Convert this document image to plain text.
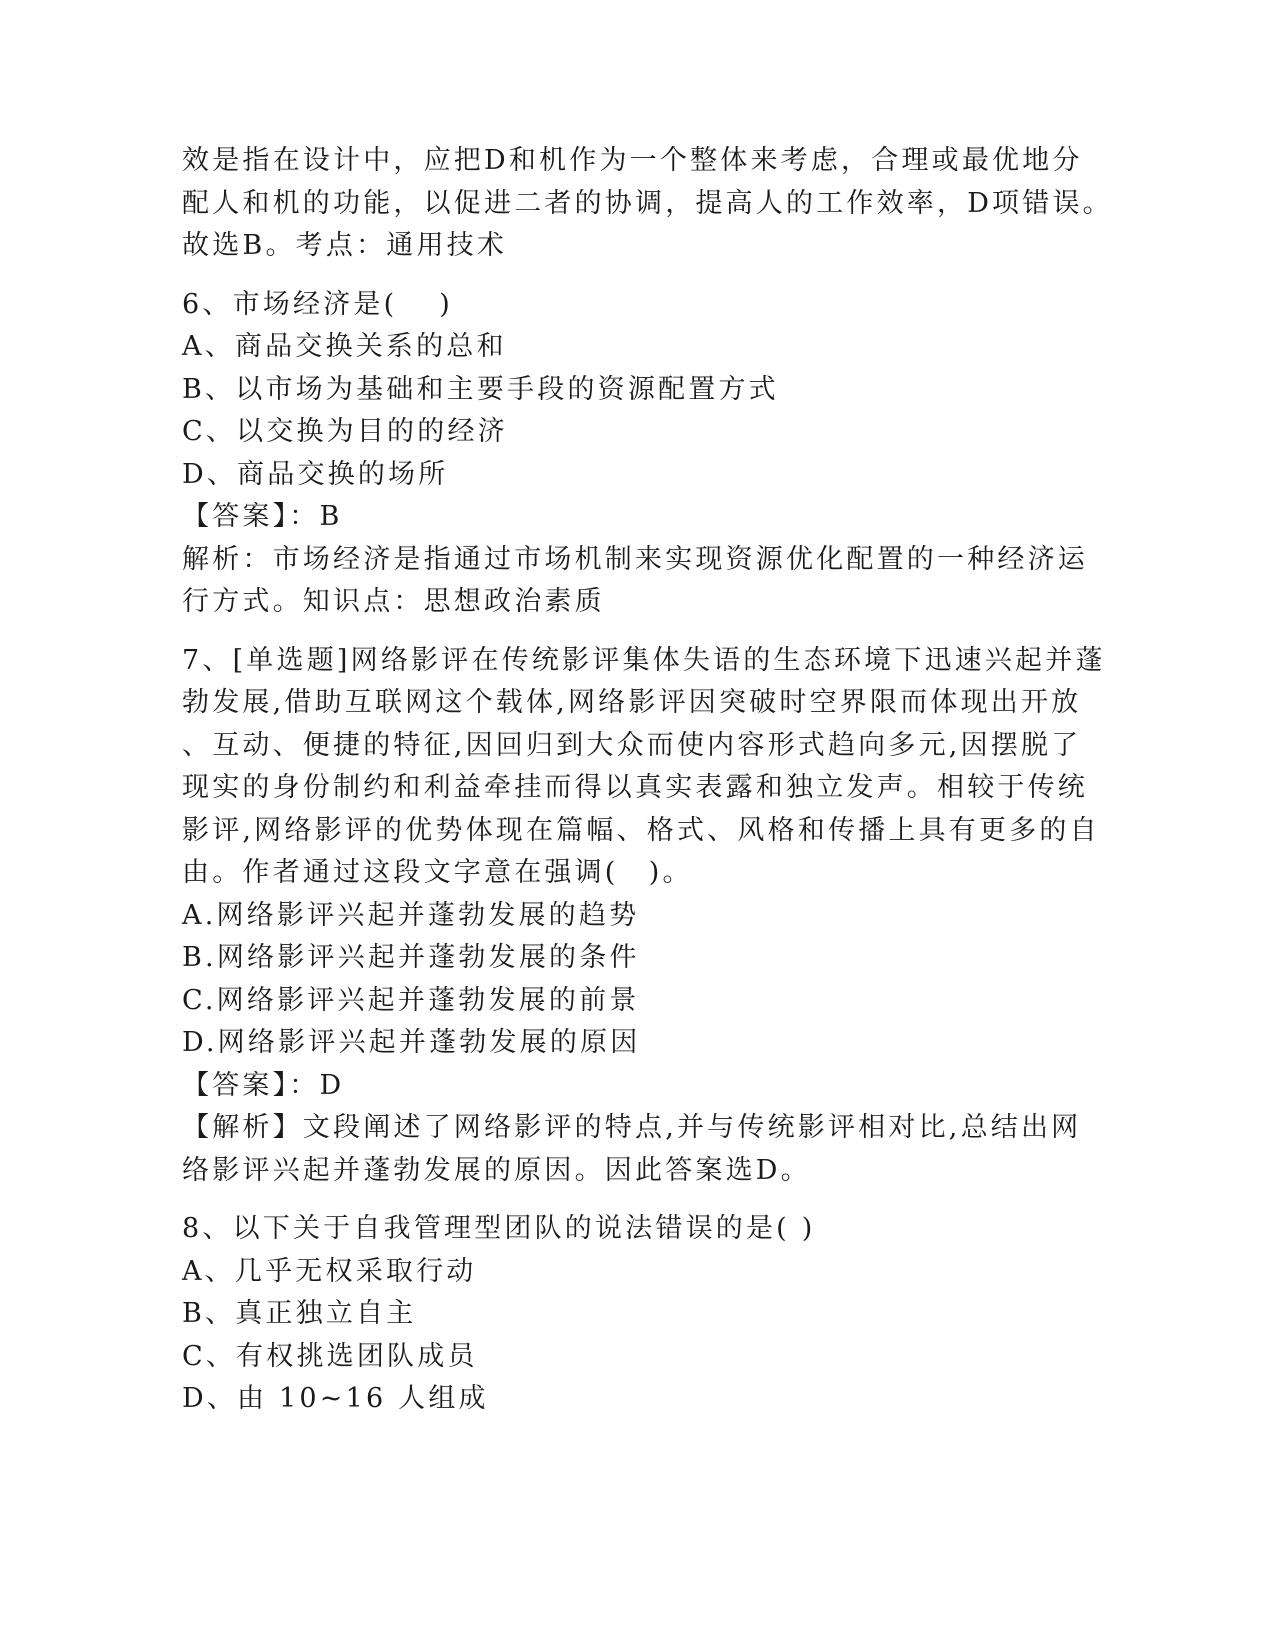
效是指在设计中，应把D和机作为一个整体来考虑，合理或最优地分

配人和机的功能，以促进二者的协调，提高人的工作效率，D项错误。

故选B。考点：通用技术

6、市场经济是(　 )

A、商品交换关系的总和

B、以市场为基础和主要手段的资源配置方式

C、以交换为目的的经济

D、商品交换的场所

【答案】：B

解析：市场经济是指通过市场机制来实现资源优化配置的一种经济运

行方式。知识点：思想政治素质

7、[单选题]网络影评在传统影评集体失语的生态环境下迅速兴起并蓬

勃发展,借助互联网这个载体,网络影评因突破时空界限而体现出开放

、互动、便捷的特征,因回归到大众而使内容形式趋向多元,因摆脱了

现实的身份制约和利益牵挂而得以真实表露和独立发声。相较于传统

影评,网络影评的优势体现在篇幅、格式、风格和传播上具有更多的自

由。作者通过这段文字意在强调(　)。

A.网络影评兴起并蓬勃发展的趋势

B.网络影评兴起并蓬勃发展的条件

C.网络影评兴起并蓬勃发展的前景

D.网络影评兴起并蓬勃发展的原因

【答案】：D

【解析】文段阐述了网络影评的特点,并与传统影评相对比,总结出网

络影评兴起并蓬勃发展的原因。因此答案选D。

8、以下关于自我管理型团队的说法错误的是( )

A、几乎无权采取行动

B、真正独立自主

C、有权挑选团队成员

D、由 10~16 人组成
